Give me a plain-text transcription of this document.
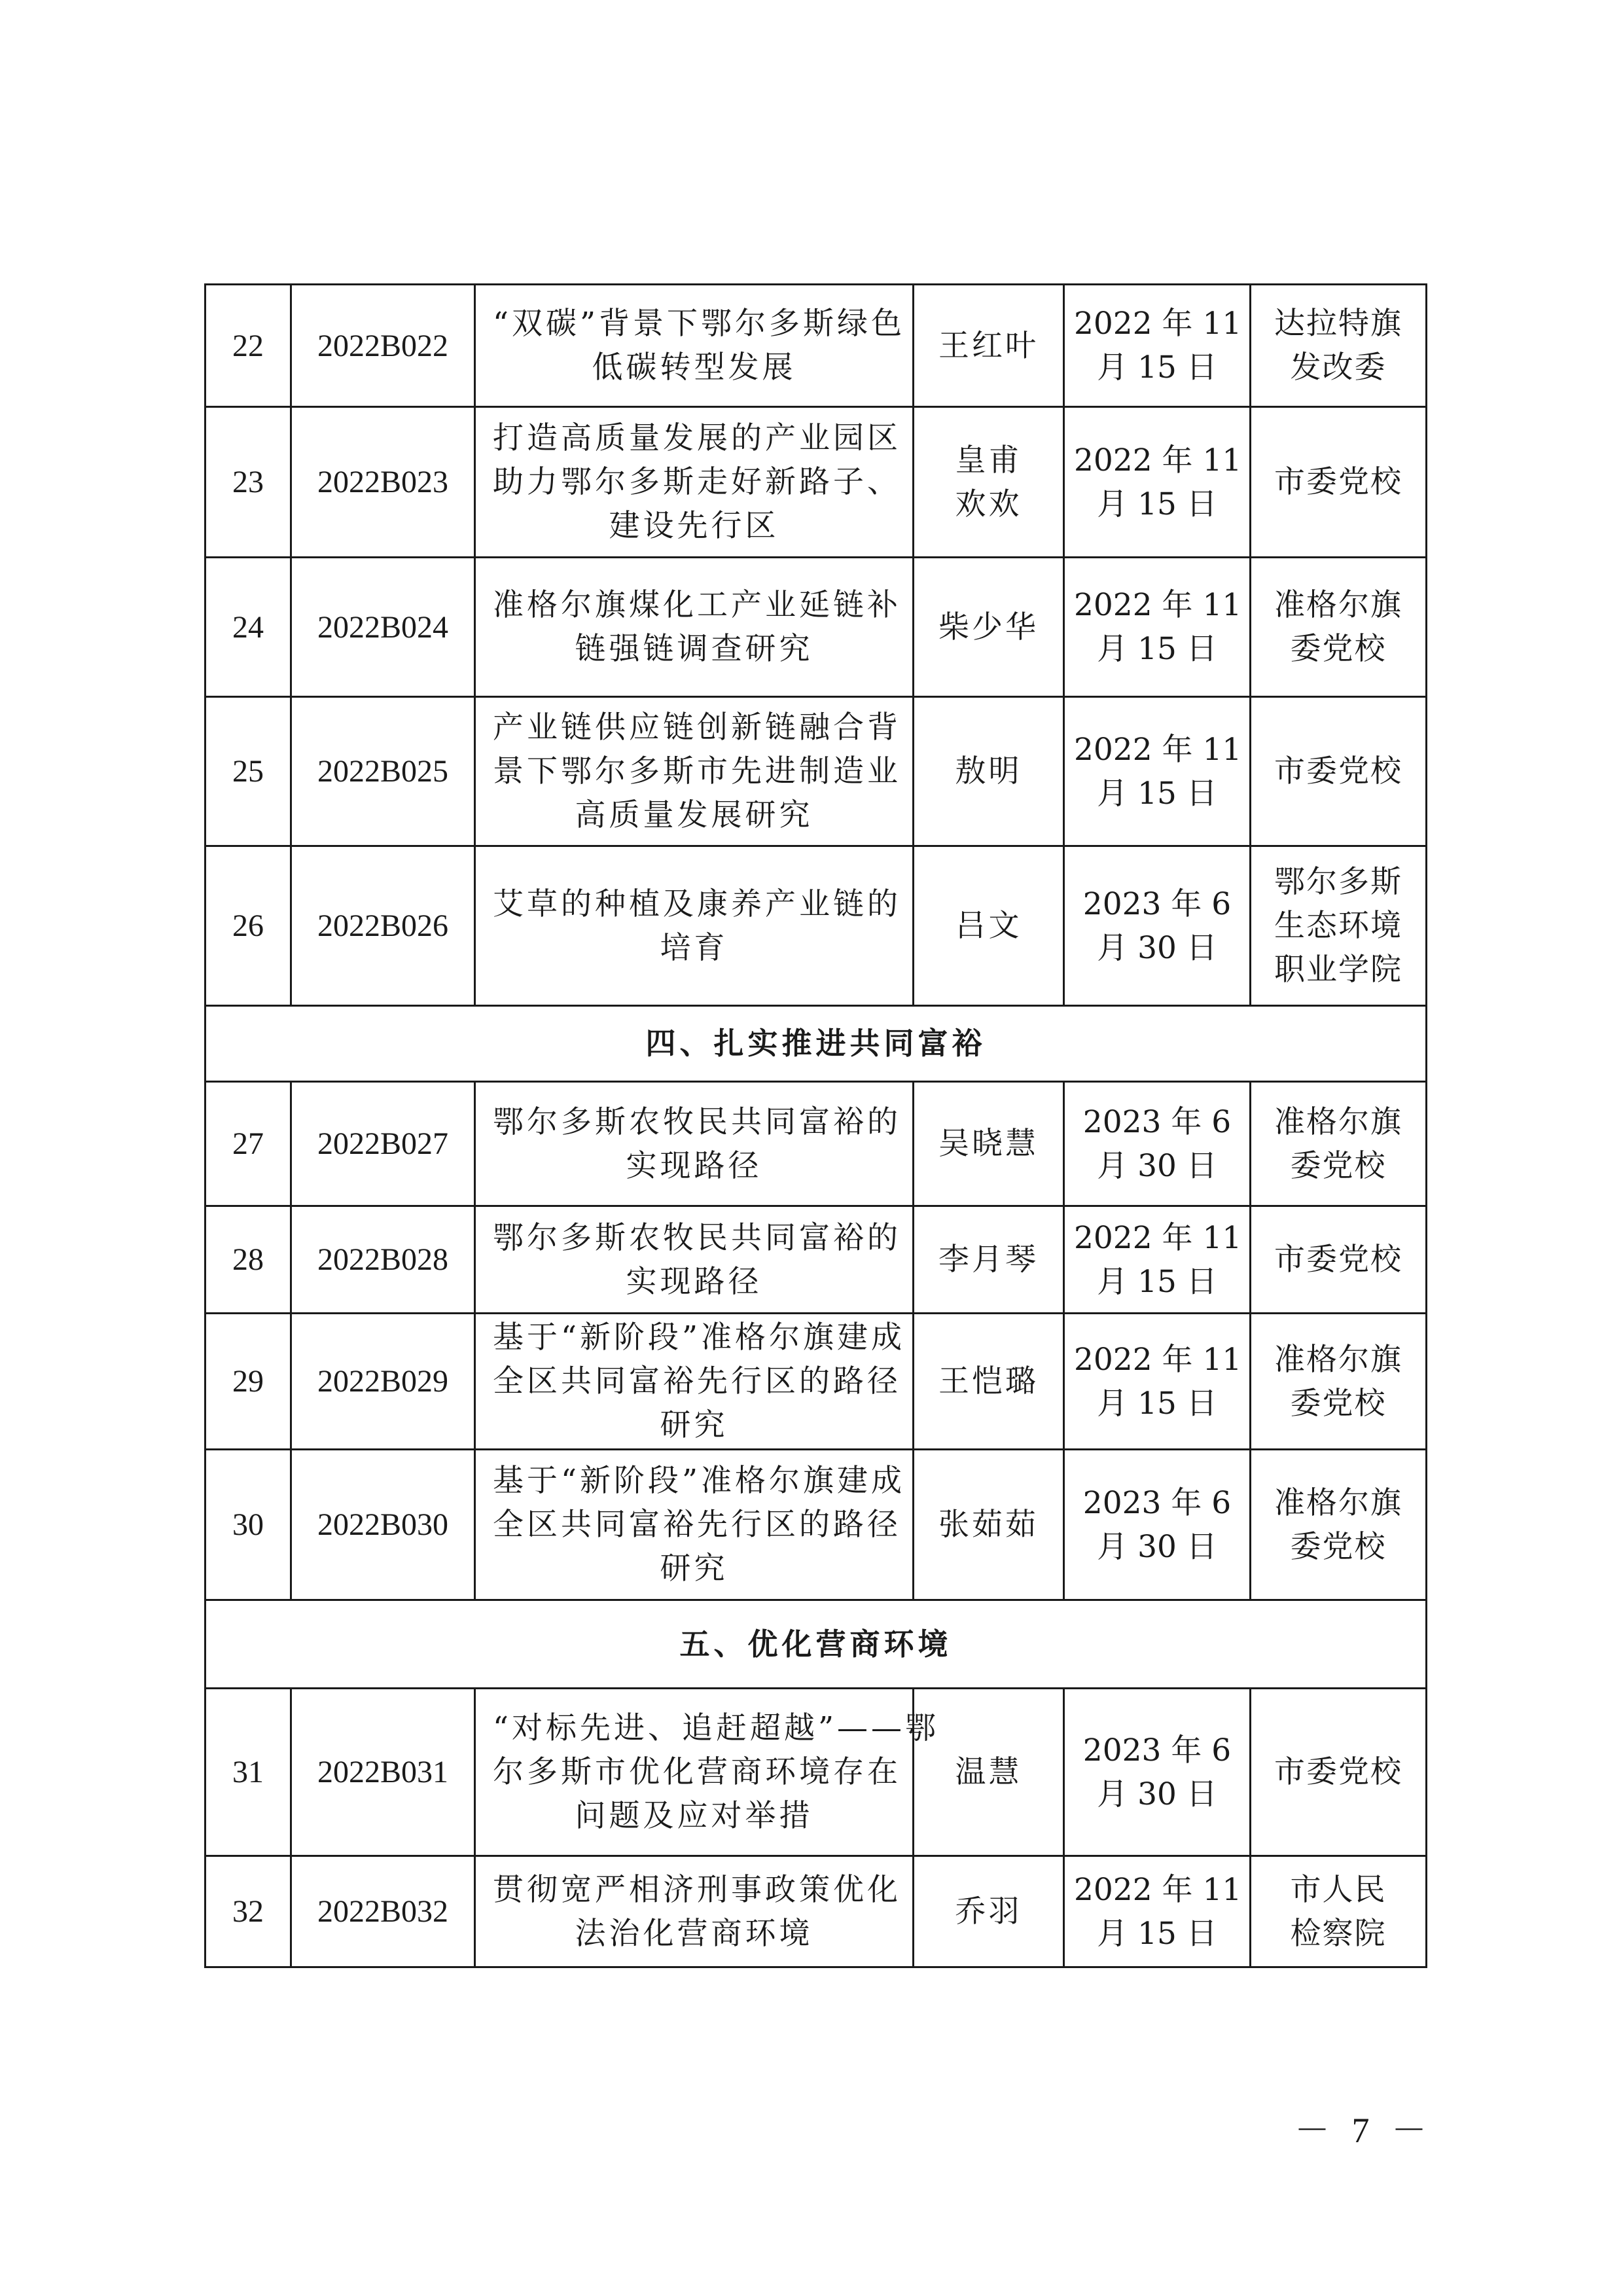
22	2022B022	“双碳”背景下鄂尔多斯绿色
低碳转型发展	王红叶	2022 年 11
月 15 日	达拉特旗
发改委

23	2022B023	打造高质量发展的产业园区
助力鄂尔多斯走好新路子、
建设先行区	皇甫
欢欢	2022 年 11
月 15 日	市委党校

24	2022B024	准格尔旗煤化工产业延链补
链强链调查研究	柴少华	2022 年 11
月 15 日	准格尔旗
委党校

25	2022B025	产业链供应链创新链融合背
景下鄂尔多斯市先进制造业
高质量发展研究	敖明	2022 年 11
月 15 日	市委党校

26	2022B026	艾草的种植及康养产业链的
培育	吕文	2023 年 6
月 30 日	鄂尔多斯
生态环境
职业学院

四、扎实推进共同富裕					
27	2022B027	鄂尔多斯农牧民共同富裕的
实现路径	吴晓慧	2023 年 6
月 30 日	准格尔旗
委党校

28	2022B028	鄂尔多斯农牧民共同富裕的
实现路径	李月琴	2022 年 11
月 15 日	市委党校

29	2022B029	基于“新阶段”准格尔旗建成
全区共同富裕先行区的路径
研究	王恺璐	2022 年 11
月 15 日	准格尔旗
委党校

30	2022B030	基于“新阶段”准格尔旗建成
全区共同富裕先行区的路径
研究	张茹茹	2023 年 6
月 30 日	准格尔旗
委党校

五、优化营商环境					
31	2022B031	“对标先进、追赶超越”——鄂
尔多斯市优化营商环境存在
问题及应对举措	温慧	2023 年 6
月 30 日	市委党校

32	2022B032	贯彻宽严相济刑事政策优化
法治化营商环境	乔羽	2022 年 11
月 15 日	市人民
检察院
－ 7 －
